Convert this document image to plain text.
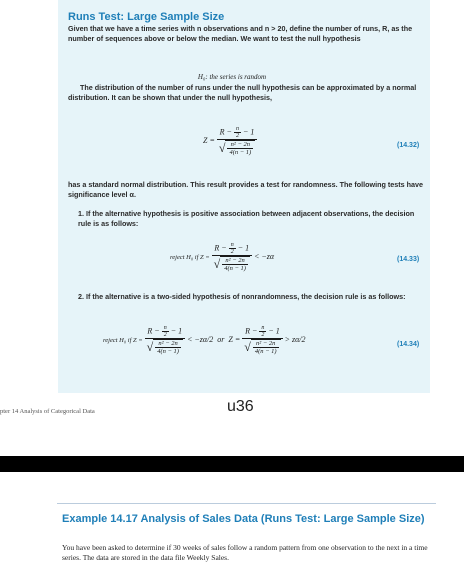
Runs Test: Large Sample Size
Given that we have a time series with n observations and n > 20, define the number of runs, R, as the number of sequences above or below the median. We want to test the null hypothesis
H₀: the series is random
The distribution of the number of runs under the null hypothesis can be approximated by a normal distribution. It can be shown that under the null hypothesis,
$Z = \frac{R - \frac{n}{2} - 1}{√ \frac{\text{n² − 2n}}{4(n - 1)}}$	(14.32)
has a standard normal distribution. This result provides a test for randomness. The following tests have significance level α.
1. If the alternative hypothesis is positive association between adjacent observations, the decision rule is as follows:
reject H₀ if $Z = \frac{R - \frac{n}{2} - 1}{√ \frac{\text{n² − 2n}}{4(n - 1)}} < -z\alpha$	(14.33)
2. If the alternative is a two-sided hypothesis of nonrandomness, the decision rule is as follows:
reject H₀ if $Z = \frac{R - \frac{n}{2} - 1}{√ \frac{\text{n² − 2n}}{4(n - 1)}} < -z\alpha/2$ or  $Z = \frac{R - \frac{n}{2} - 1}{√ \frac{\text{n² − 2n}}{4(n - 1)}} > z\alpha/2$
(14.34)
pter 14 Analysis of Categorical Data	u36
Example 14.17 Analysis of Sales Data (Runs Test: Large Sample Size)
You have been asked to determine if 30 weeks of sales follow a random pattern from one observation to the next in a time series. The data are stored in the data file Weekly Sales.
